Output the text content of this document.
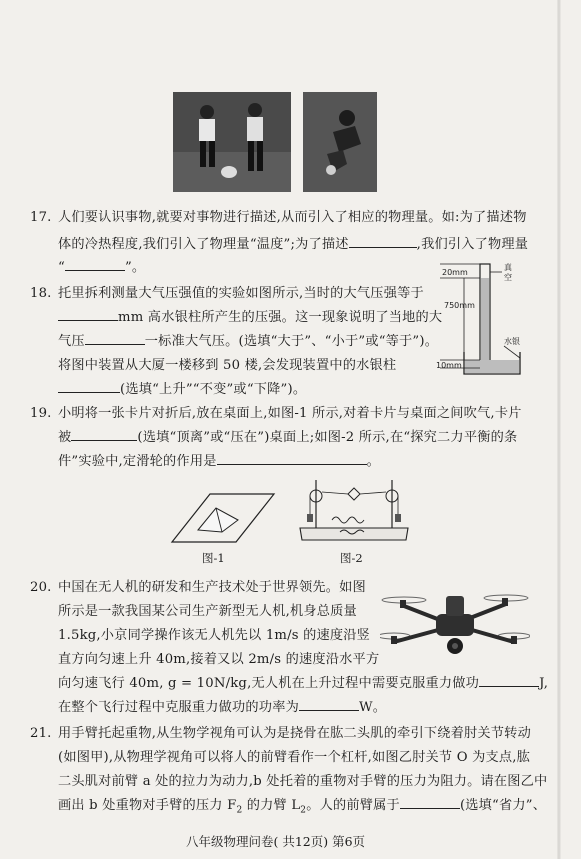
17. 人们要认识事物,就要对事物进行描述,从而引入了相应的物理量。如:为了描述物
体的冷热程度,我们引入了物理量“温度”;为了描述	,我们引入了物理量
“	”。
18. 托里拆利测量大气压强值的实验如图所示,当时的大气压强等于
mm 高水银柱所产生的压强。这一现象说明了当地的大
气压	一标准大气压。(选填“大于”、“小于”或“等于”)。
将图中装置从大厦一楼移到 50 楼,会发现装置中的水银柱
(选填“上升”“不变”或“下降”)。
20mm
真
空
750mm
水银
10mm
19. 小明将一张卡片对折后,放在桌面上,如图-1 所示,对着卡片与桌面之间吹气,卡片
被	(选填“顶离”或“压在”)桌面上;如图-2 所示,在“探究二力平衡的条
件”实验中,定滑轮的作用是	。
图-1	图-2
20. 中国在无人机的研发和生产技术处于世界领先。如图
所示是一款我国某公司生产新型无人机,机身总质量
1.5kg,小京同学操作该无人机先以 1m/s 的速度沿竖
直方向匀速上升 40m,接着又以 2m/s 的速度沿水平方
向匀速飞行 40m, g = 10N/kg,无人机在上升过程中需要克服重力做功	J,
在整个飞行过程中克服重力做功的功率为	W。
21. 用手臂托起重物,从生物学视角可认为是挠骨在肱二头肌的牵引下绕着肘关节转动
(如图甲),从物理学视角可以将人的前臂看作一个杠杆,如图乙肘关节 O 为支点,肱
二头肌对前臂 a 处的拉力为动力,b 处托着的重物对手臂的压力为阻力。请在图乙中
画出 b 处重物对手臂的压力 $F_2$ 的力臂 $L_2$。人的前臂属于	(选填“省力”、
八年级物理问卷( 共12页) 第6页
